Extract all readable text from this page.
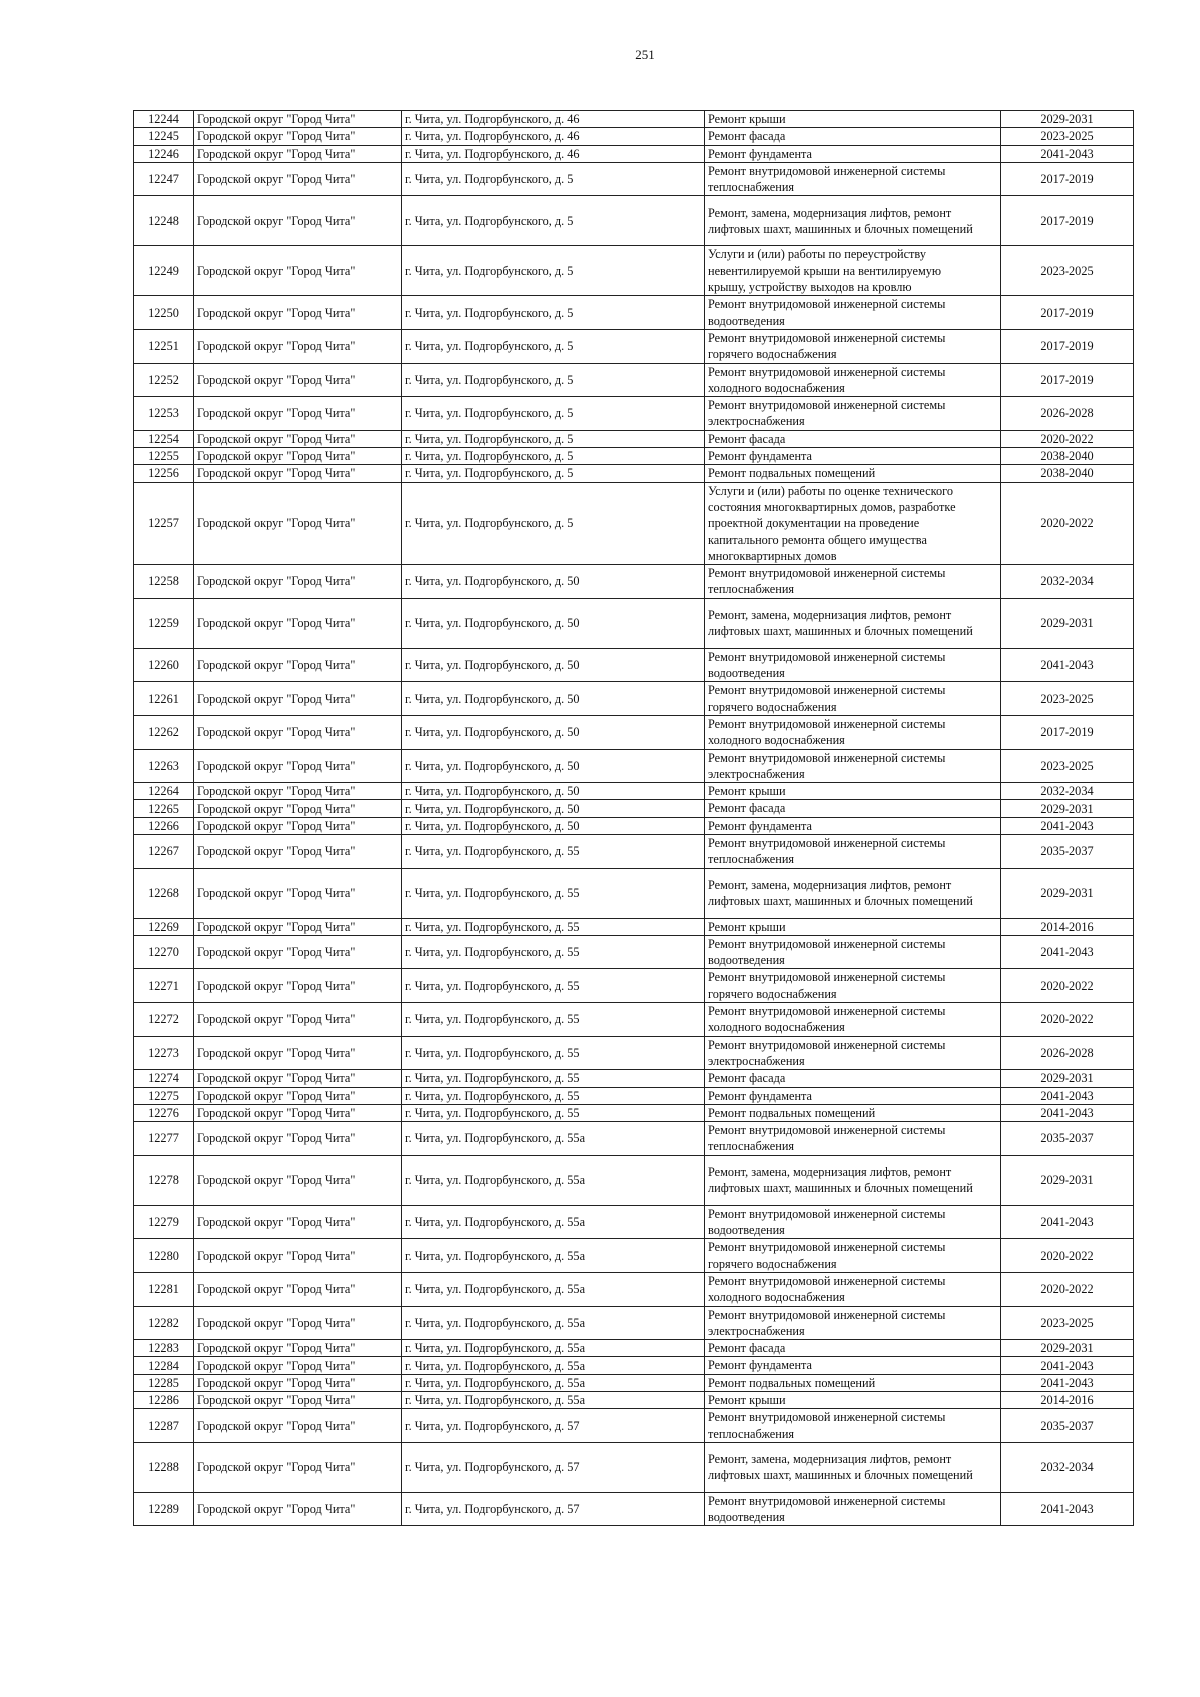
251
12244	Городской округ "Город Чита"	г. Чита, ул. Подгорбунского, д. 46	Ремонт крыши	2029-2031
12245	Городской округ "Город Чита"	г. Чита, ул. Подгорбунского, д. 46	Ремонт фасада	2023-2025
12246	Городской округ "Город Чита"	г. Чита, ул. Подгорбунского, д. 46	Ремонт фундамента	2041-2043
12247	Городской округ "Город Чита"	г. Чита, ул. Подгорбунского, д. 5	Ремонт внутридомовой инженерной системы
теплоснабжения	2017-2019
12248	Городской округ "Город Чита"	г. Чита, ул. Подгорбунского, д. 5	Ремонт, замена, модернизация лифтов, ремонт
лифтовых шахт, машинных и блочных помещений	2017-2019
12249	Городской округ "Город Чита"	г. Чита, ул. Подгорбунского, д. 5	Услуги и (или) работы по переустройству
невентилируемой крыши на вентилируемую
крышу, устройству выходов на кровлю	2023-2025
12250	Городской округ "Город Чита"	г. Чита, ул. Подгорбунского, д. 5	Ремонт внутридомовой инженерной системы
водоотведения	2017-2019
12251	Городской округ "Город Чита"	г. Чита, ул. Подгорбунского, д. 5	Ремонт внутридомовой инженерной системы
горячего водоснабжения	2017-2019
12252	Городской округ "Город Чита"	г. Чита, ул. Подгорбунского, д. 5	Ремонт внутридомовой инженерной системы
холодного водоснабжения	2017-2019
12253	Городской округ "Город Чита"	г. Чита, ул. Подгорбунского, д. 5	Ремонт внутридомовой инженерной системы
электроснабжения	2026-2028
12254	Городской округ "Город Чита"	г. Чита, ул. Подгорбунского, д. 5	Ремонт фасада	2020-2022
12255	Городской округ "Город Чита"	г. Чита, ул. Подгорбунского, д. 5	Ремонт фундамента	2038-2040
12256	Городской округ "Город Чита"	г. Чита, ул. Подгорбунского, д. 5	Ремонт подвальных помещений	2038-2040
12257	Городской округ "Город Чита"	г. Чита, ул. Подгорбунского, д. 5	Услуги и (или) работы по оценке технического
состояния многоквартирных домов, разработке
проектной документации на проведение
капитального ремонта общего имущества
многоквартирных домов	2020-2022
12258	Городской округ "Город Чита"	г. Чита, ул. Подгорбунского, д. 50	Ремонт внутридомовой инженерной системы
теплоснабжения	2032-2034
12259	Городской округ "Город Чита"	г. Чита, ул. Подгорбунского, д. 50	Ремонт, замена, модернизация лифтов, ремонт
лифтовых шахт, машинных и блочных помещений	2029-2031
12260	Городской округ "Город Чита"	г. Чита, ул. Подгорбунского, д. 50	Ремонт внутридомовой инженерной системы
водоотведения	2041-2043
12261	Городской округ "Город Чита"	г. Чита, ул. Подгорбунского, д. 50	Ремонт внутридомовой инженерной системы
горячего водоснабжения	2023-2025
12262	Городской округ "Город Чита"	г. Чита, ул. Подгорбунского, д. 50	Ремонт внутридомовой инженерной системы
холодного водоснабжения	2017-2019
12263	Городской округ "Город Чита"	г. Чита, ул. Подгорбунского, д. 50	Ремонт внутридомовой инженерной системы
электроснабжения	2023-2025
12264	Городской округ "Город Чита"	г. Чита, ул. Подгорбунского, д. 50	Ремонт крыши	2032-2034
12265	Городской округ "Город Чита"	г. Чита, ул. Подгорбунского, д. 50	Ремонт фасада	2029-2031
12266	Городской округ "Город Чита"	г. Чита, ул. Подгорбунского, д. 50	Ремонт фундамента	2041-2043
12267	Городской округ "Город Чита"	г. Чита, ул. Подгорбунского, д. 55	Ремонт внутридомовой инженерной системы
теплоснабжения	2035-2037
12268	Городской округ "Город Чита"	г. Чита, ул. Подгорбунского, д. 55	Ремонт, замена, модернизация лифтов, ремонт
лифтовых шахт, машинных и блочных помещений	2029-2031
12269	Городской округ "Город Чита"	г. Чита, ул. Подгорбунского, д. 55	Ремонт крыши	2014-2016
12270	Городской округ "Город Чита"	г. Чита, ул. Подгорбунского, д. 55	Ремонт внутридомовой инженерной системы
водоотведения	2041-2043
12271	Городской округ "Город Чита"	г. Чита, ул. Подгорбунского, д. 55	Ремонт внутридомовой инженерной системы
горячего водоснабжения	2020-2022
12272	Городской округ "Город Чита"	г. Чита, ул. Подгорбунского, д. 55	Ремонт внутридомовой инженерной системы
холодного водоснабжения	2020-2022
12273	Городской округ "Город Чита"	г. Чита, ул. Подгорбунского, д. 55	Ремонт внутридомовой инженерной системы
электроснабжения	2026-2028
12274	Городской округ "Город Чита"	г. Чита, ул. Подгорбунского, д. 55	Ремонт фасада	2029-2031
12275	Городской округ "Город Чита"	г. Чита, ул. Подгорбунского, д. 55	Ремонт фундамента	2041-2043
12276	Городской округ "Город Чита"	г. Чита, ул. Подгорбунского, д. 55	Ремонт подвальных помещений	2041-2043
12277	Городской округ "Город Чита"	г. Чита, ул. Подгорбунского, д. 55а	Ремонт внутридомовой инженерной системы
теплоснабжения	2035-2037
12278	Городской округ "Город Чита"	г. Чита, ул. Подгорбунского, д. 55а	Ремонт, замена, модернизация лифтов, ремонт
лифтовых шахт, машинных и блочных помещений	2029-2031
12279	Городской округ "Город Чита"	г. Чита, ул. Подгорбунского, д. 55а	Ремонт внутридомовой инженерной системы
водоотведения	2041-2043
12280	Городской округ "Город Чита"	г. Чита, ул. Подгорбунского, д. 55а	Ремонт внутридомовой инженерной системы
горячего водоснабжения	2020-2022
12281	Городской округ "Город Чита"	г. Чита, ул. Подгорбунского, д. 55а	Ремонт внутридомовой инженерной системы
холодного водоснабжения	2020-2022
12282	Городской округ "Город Чита"	г. Чита, ул. Подгорбунского, д. 55а	Ремонт внутридомовой инженерной системы
электроснабжения	2023-2025
12283	Городской округ "Город Чита"	г. Чита, ул. Подгорбунского, д. 55а	Ремонт фасада	2029-2031
12284	Городской округ "Город Чита"	г. Чита, ул. Подгорбунского, д. 55а	Ремонт фундамента	2041-2043
12285	Городской округ "Город Чита"	г. Чита, ул. Подгорбунского, д. 55а	Ремонт подвальных помещений	2041-2043
12286	Городской округ "Город Чита"	г. Чита, ул. Подгорбунского, д. 55а	Ремонт крыши	2014-2016
12287	Городской округ "Город Чита"	г. Чита, ул. Подгорбунского, д. 57	Ремонт внутридомовой инженерной системы
теплоснабжения	2035-2037
12288	Городской округ "Город Чита"	г. Чита, ул. Подгорбунского, д. 57	Ремонт, замена, модернизация лифтов, ремонт
лифтовых шахт, машинных и блочных помещений	2032-2034
12289	Городской округ "Город Чита"	г. Чита, ул. Подгорбунского, д. 57	Ремонт внутридомовой инженерной системы
водоотведения	2041-2043
